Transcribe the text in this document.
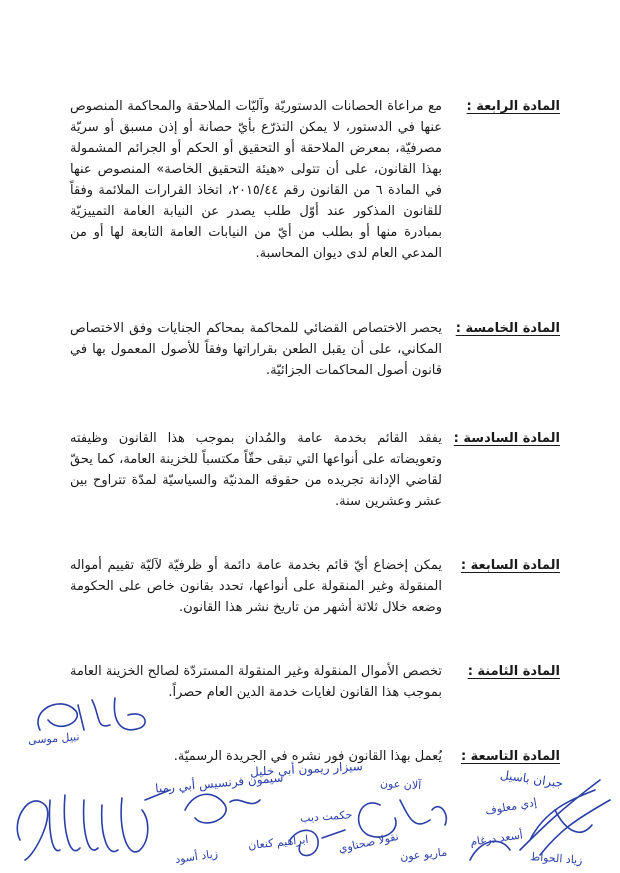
المادة الرابعة :
مع مراعاة الحصانات الدستوريّة وآليّات الملاحقة والمحاكمة المنصوص عنها في الدستور، لا يمكن التذرّع بأيّ حصانة أو إذن مسبق أو سريّة مصرفيّة، بمعرض الملاحقة أو التحقيق أو الحكم أو الجرائم المشمولة بهذا القانون، على أن تتولى «هيئة التحقيق الخاصة» المنصوص عنها في المادة ٦ من القانون رقم ٢٠١٥/٤٤، اتخاذ القرارات الملائمة وفقاً للقانون المذكور عند أوّل طلب يصدر عن النيابة العامة التمييزيّة بمبادرة منها أو بطلب من أيّ من النيابات العامة التابعة لها أو من المدعي العام لدى ديوان المحاسبة.
المادة الخامسة :
يحصر الاختصاص القضائي للمحاكمة بمحاكم الجنايات وفق الاختصاص المكاني، على أن يقبل الطعن بقراراتها وفقاً للأصول المعمول بها في قانون أصول المحاكمات الجزائيّة.
المادة السادسة :
يفقد القائم بخدمة عامة والمُدان بموجب هذا القانون وظيفته وتعويضاته على أنواعها التي تبقى حقّاً مكتسباً للخزينة العامة، كما يحقّ لقاضي الإدانة تجريده من حقوقه المدنيّة والسياسيّة لمدّة تتراوح بين عشر وعشرين سنة.
المادة السابعة :
يمكن إخضاع أيّ قائم بخدمة عامة دائمة أو ظرفيّة لآليّة تقييم أمواله المنقولة وغير المنقولة على أنواعها، تحدد بقانون خاص على الحكومة وضعه خلال ثلاثة أشهر من تاريخ نشر هذا القانون.
المادة الثامنة :
تخصص الأموال المنقولة وغير المنقولة المستردّة لصالح الخزينة العامة بموجب هذا القانون لغايات خدمة الدين العام حصراً.
المادة التاسعة :
يُعمل بهذا القانون فور نشره في الجريدة الرسميّة.
نبيل موسى
سيمون فرنسيس أبي رميا
سيزار ريمون أبي خليل
آلان عون
ابراهيم كنعان
زياد أسود
نقولا صحناوي
حكمت ديب
ماريو عون
جبران باسيل
إدي معلوف
أسعد درغام
زياد الحواط
